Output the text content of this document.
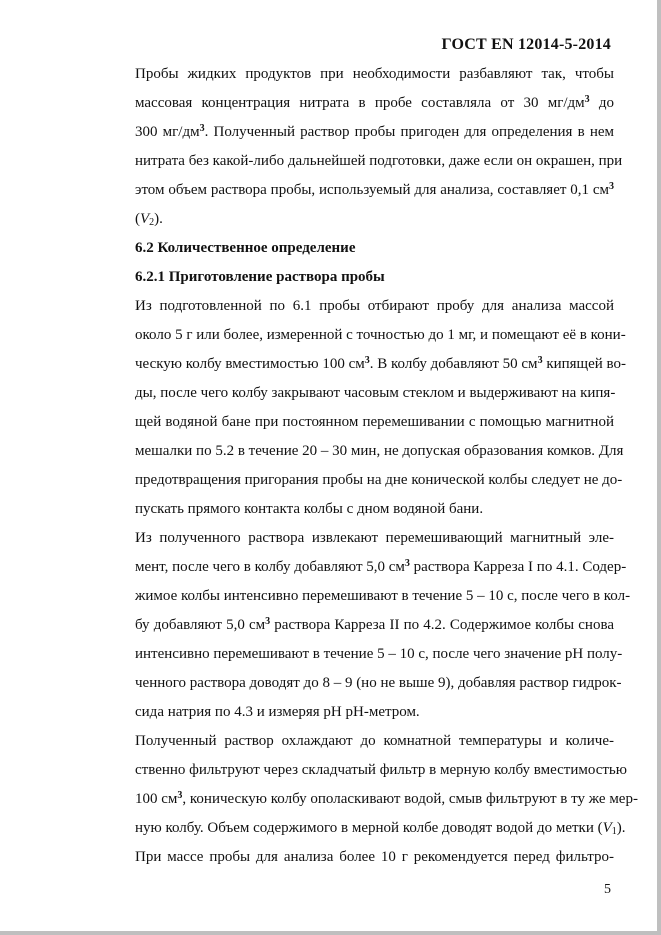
ГОСТ EN 12014-5-2014

Пробы жидких продуктов при необходимости разбавляют так, чтобы
массовая концентрация нитрата в пробе составляла от 30 $мг/дм^3$ до
300 $мг/дм^3$. Полученный раствор пробы пригоден для определения в нем
нитрата без какой-либо дальнейшей подготовки, даже если он окрашен, при
этом объем раствора пробы, используемый для анализа, составляет 0,1 $см^3$
$(V_2)$.

6.2 Количественное определение

6.2.1 Приготовление раствора пробы

Из подготовленной по 6.1 пробы отбирают пробу для анализа массой
около 5 г или более, измеренной с точностью до 1 мг, и помещают её в кони-
ческую колбу вместимостью 100 $см^3$. В колбу добавляют 50 $см^3$ кипящей во-
ды, после чего колбу закрывают часовым стеклом и выдерживают на кипя-
щей водяной бане при постоянном перемешивании с помощью магнитной
мешалки по 5.2 в течение 20 – 30 мин, не допуская образования комков. Для
предотвращения пригорания пробы на дне конической колбы следует не до-
пускать прямого контакта колбы с дном водяной бани.

Из полученного раствора извлекают перемешивающий магнитный эле-
мент, после чего в колбу добавляют 5,0 $см^3$ раствора Карреза I по 4.1. Содер-
жимое колбы интенсивно перемешивают в течение 5 – 10 с, после чего в кол-
бу добавляют 5,0 $см^3$ раствора Карреза II по 4.2. Содержимое колбы снова
интенсивно перемешивают в течение 5 – 10 с, после чего значение pH полу-
ченного раствора доводят до 8 – 9 (но не выше 9), добавляя раствор гидрок-
сида натрия по 4.3 и измеряя pH pH-метром.

Полученный раствор охлаждают до комнатной температуры и количе-
ственно фильтруют через складчатый фильтр в мерную колбу вместимостью
100 $см^3$, коническую колбу ополаскивают водой, смыв фильтруют в ту же мер-
ную колбу. Объем содержимого в мерной колбе доводят водой до метки $(V_1)$.

При массе пробы для анализа более 10 г рекомендуется перед фильтро-

5
